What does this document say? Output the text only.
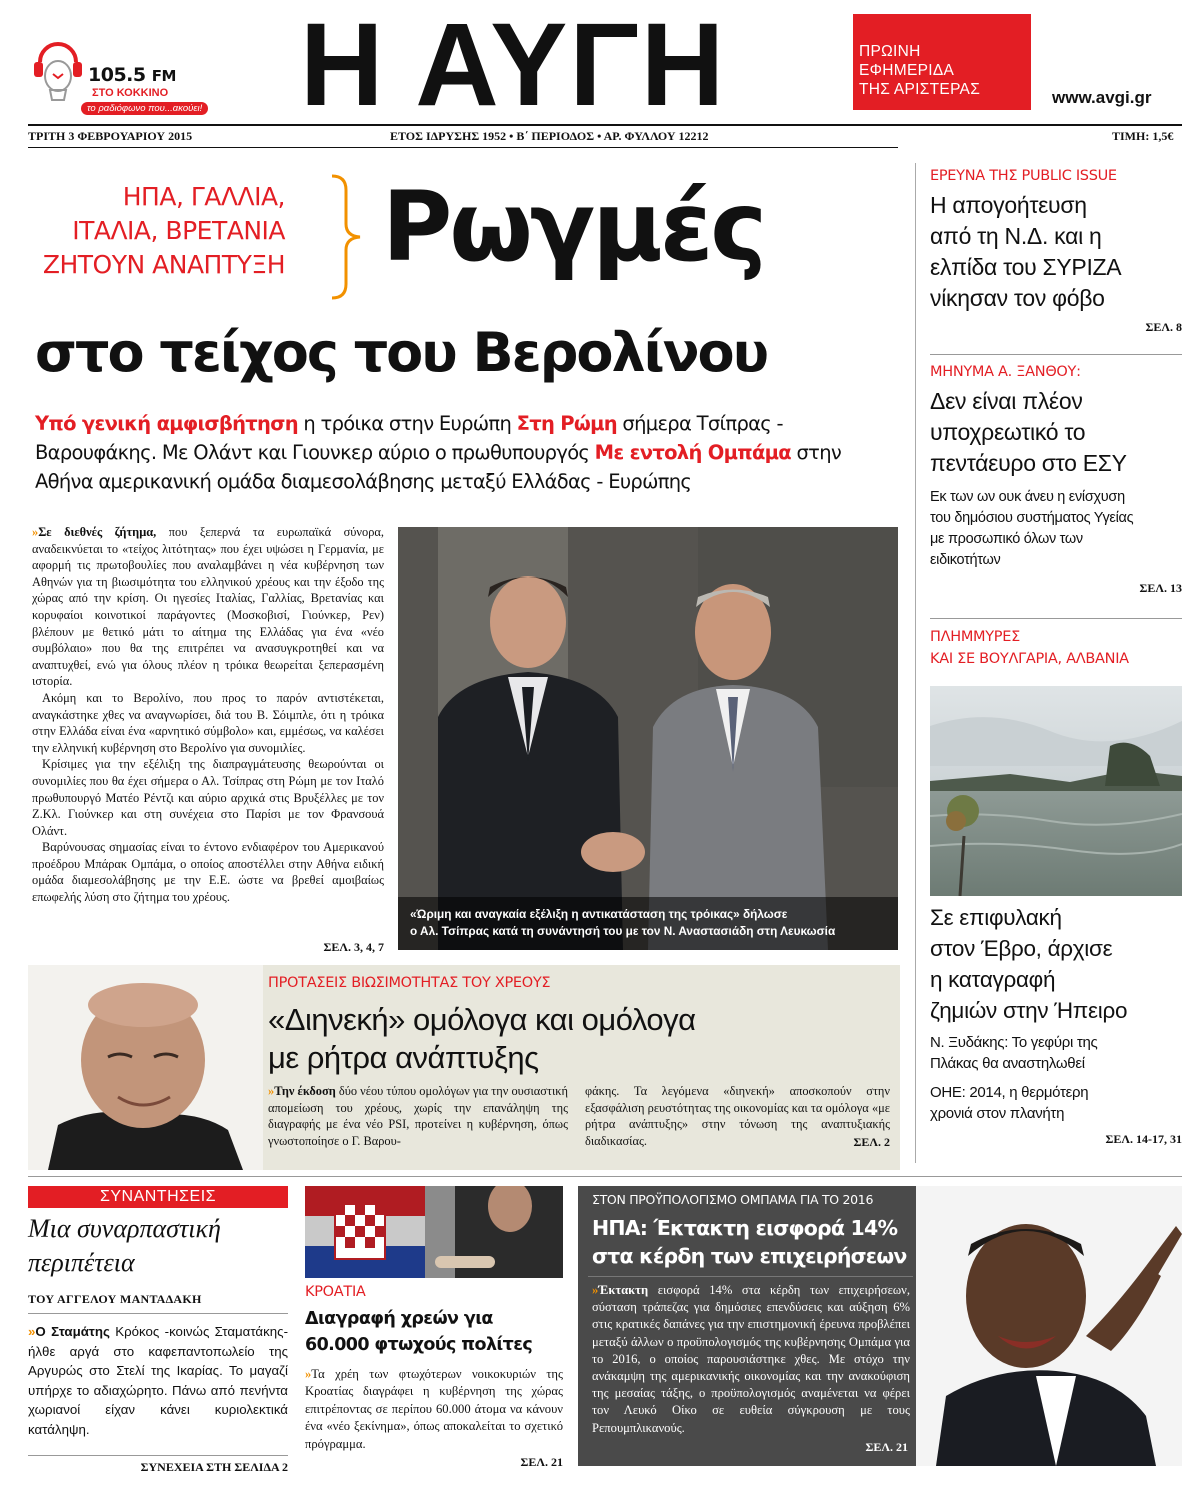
105.5 FM
ΣΤΟ ΚΟΚΚΙΝΟ
το ραδιόφωνο που...ακούει! Η ΑΥΓΗ	ΠΡΩΙΝΗ
ΕΦΗΜΕΡΙΔΑ
ΤΗΣ ΑΡΙΣΤΕΡΑΣ	www.avgi.gr
ΤΡΙΤΗ 3 ΦΕΒΡΟΥΑΡΙΟΥ 2015	ΕΤΟΣ ΙΔΡΥΣΗΣ 1952 • Β΄ ΠΕΡΙΟΔΟΣ • ΑΡ. ΦΥΛΛΟΥ 12212	ΤΙΜΗ: 1,5€
ΗΠΑ, ΓΑΛΛΙΑ,
ΙΤΑΛΙΑ, ΒΡΕΤΑΝΙΑ
ΖΗΤΟΥΝ ΑΝΑΠΤΥΞΗ Ρωγμές
στο τείχος του Βερολίνου
Υπό γενική αμφισβήτηση η τρόικα στην Ευρώπη Στη Ρώμη σήμερα Τσίπρας - Βαρουφάκης. Με Ολάντ και Γιουνκερ αύριο ο πρωθυπουργός Με εντολή Ομπάμα στην Αθήνα αμερικανική ομάδα διαμεσολάβησης μεταξύ Ελλάδας - Ευρώπης

»Σε διεθνές ζήτημα, που ξεπερνά τα ευρωπαϊκά σύνορα, αναδεικνύεται το «τείχος λιτότητας» που έχει υψώσει η Γερμανία, με αφορμή τις πρωτοβουλίες που αναλαμβάνει η νέα κυβέρνηση των Αθηνών για τη βιωσιμότητα του ελληνικού χρέους και την έξοδο της χώρας από την κρίση. Οι ηγεσίες Ιταλίας, Γαλλίας, Βρετανίας και κορυφαίοι κοινοτικοί παράγοντες (Μοσκοβισί, Γιούνκερ, Ρεν) βλέπουν με θετικό μάτι το αίτημα της Ελλάδας για ένα «νέο συμβόλαιο» που θα της επιτρέπει να ανασυγκροτηθεί και να αναπτυχθεί, ενώ για όλους πλέον η τρόικα θεωρείται ξεπερασμένη ιστορία.

Ακόμη και το Βερολίνο, που προς το παρόν αντιστέκεται, αναγκάστηκε χθες να αναγνωρίσει, διά του Β. Σόιμπλε, ότι η τρόικα στην Ελλάδα είναι ένα «αρνητικό σύμβολο» και, εμμέσως, να καλέσει την ελληνική κυβέρνηση στο Βερολίνο για συνομιλίες.

Κρίσιμες για την εξέλιξη της διαπραγμάτευσης θεωρούνται οι συνομιλίες που θα έχει σήμερα ο Αλ. Τσίπρας στη Ρώμη με τον Ιταλό πρωθυπουργό Ματέο Ρέντζι και αύριο αρχικά στις Βρυξέλλες με τον Ζ.Κλ. Γιούνκερ και στη συνέχεια στο Παρίσι με τον Φρανσουά Ολάντ.

Βαρύνουσας σημασίας είναι το έντονο ενδιαφέρον του Αμερικανού προέδρου Μπάρακ Ομπάμα, ο οποίος αποστέλλει στην Αθήνα ειδική ομάδα διαμεσολάβησης με την Ε.Ε. ώστε να βρεθεί αμοιβαίως επωφελής λύση στο ζήτημα του χρέους.

ΣΕΛ. 3, 4, 7
«Ώριμη και αναγκαία εξέλιξη η αντικατάσταση της τρόικας» δήλωσε
ο Αλ. Τσίπρας κατά τη συνάντησή του με τον Ν. Αναστασιάδη στη Λευκωσία
ΕΡΕΥΝΑ ΤΗΣ PUBLIC ISSUE
Η απογοήτευση
από τη Ν.Δ. και η
ελπίδα του ΣΥΡΙΖΑ
νίκησαν τον φόβο
ΣΕΛ. 8
ΜΗΝΥΜΑ Α. ΞΑΝΘΟΥ:
Δεν είναι πλέον
υποχρεωτικό το
πεντάευρο στο ΕΣΥ
Εκ των ων ουκ άνευ η ενίσχυση
του δημόσιου συστήματος Υγείας
με προσωπικό όλων των
ειδικοτήτων
ΣΕΛ. 13
ΠΛΗΜΜΥΡΕΣ
ΚΑΙ ΣΕ ΒΟΥΛΓΑΡΙΑ, ΑΛΒΑΝΙΑ
Σε επιφυλακή
στον Έβρο, άρχισε
η καταγραφή
ζημιών στην Ήπειρο
Ν. Ξυδάκης: Το γεφύρι της
Πλάκας θα αναστηλωθεί
ΟΗΕ: 2014, η θερμότερη
χρονιά στον πλανήτη
ΣΕΛ. 14-17, 31
ΠΡΟΤΑΣΕΙΣ ΒΙΩΣΙΜΟΤΗΤΑΣ ΤΟΥ ΧΡΕΟΥΣ
«Διηνεκή» ομόλογα και ομόλογα
με ρήτρα ανάπτυξης
»Την έκδοση δύο νέου τύπου ομολόγων για την ουσιαστική απομείωση του χρέους, χωρίς την επανάληψη της διαγραφής με ένα νέο PSI, προτείνει η κυβέρνηση, όπως γνωστοποίησε ο Γ. Βαρου-
φάκης. Τα λεγόμενα «διηνεκή» αποσκοπούν στην εξασφάλιση ρευστότητας της οικονομίας και τα ομόλογα «με ρήτρα ανάπτυξης» στην τόνωση της αναπτυξιακής διαδικασίας.	ΣΕΛ. 2
ΣΥΝΑΝΤΗΣΕΙΣ
Μια συναρπαστική
περιπέτεια
ΤΟΥ ΑΓΓΕΛΟΥ ΜΑΝΤΑΔΑΚΗ
»Ο Σταμάτης Κρόκος -κοινώς Σταματάκης- ήλθε αργά στο καφεπαντοπωλείο της Αργυρώς στο Στελί της Ικαρίας. Το μαγαζί υπήρχε το αδιαχώρητο. Πάνω από πενήντα χωριανοί είχαν κάνει κυριολεκτικά κατάληψη.
ΣΥΝΕΧΕΙΑ ΣΤΗ ΣΕΛΙΔΑ 2
ΚΡΟΑΤΙΑ
Διαγραφή χρεών για
60.000 φτωχούς πολίτες
»Τα χρέη των φτωχότερων νοικοκυριών της Κροατίας διαγράφει η κυβέρνηση της χώρας επιτρέποντας σε περίπου 60.000 άτομα να κάνουν ένα «νέο ξεκίνημα», όπως αποκαλείται το σχετικό πρόγραμμα.
ΣΕΛ. 21
ΣΤΟΝ ΠΡΟΫΠΟΛΟΓΙΣΜΟ ΟΜΠΑΜΑ ΓΙΑ ΤΟ 2016
ΗΠΑ: Έκτακτη εισφορά 14%
στα κέρδη των επιχειρήσεων
»Έκτακτη εισφορά 14% στα κέρδη των επιχειρήσεων, σύσταση τράπεζας για δημόσιες επενδύσεις και αύξηση 6% στις κρατικές δαπάνες για την επιστημονική έρευνα προβλέπει μεταξύ άλλων ο προϋπολογισμός της κυβέρνησης Ομπάμα για το 2016, ο οποίος παρουσιάστηκε χθες. Με στόχο την ανάκαμψη της αμερικανικής οικονομίας και την ανακούφιση της μεσαίας τάξης, ο προϋπολογισμός αναμένεται να φέρει τον Λευκό Οίκο σε ευθεία σύγκρουση με τους Ρεπουμπλικανούς.
ΣΕΛ. 21
